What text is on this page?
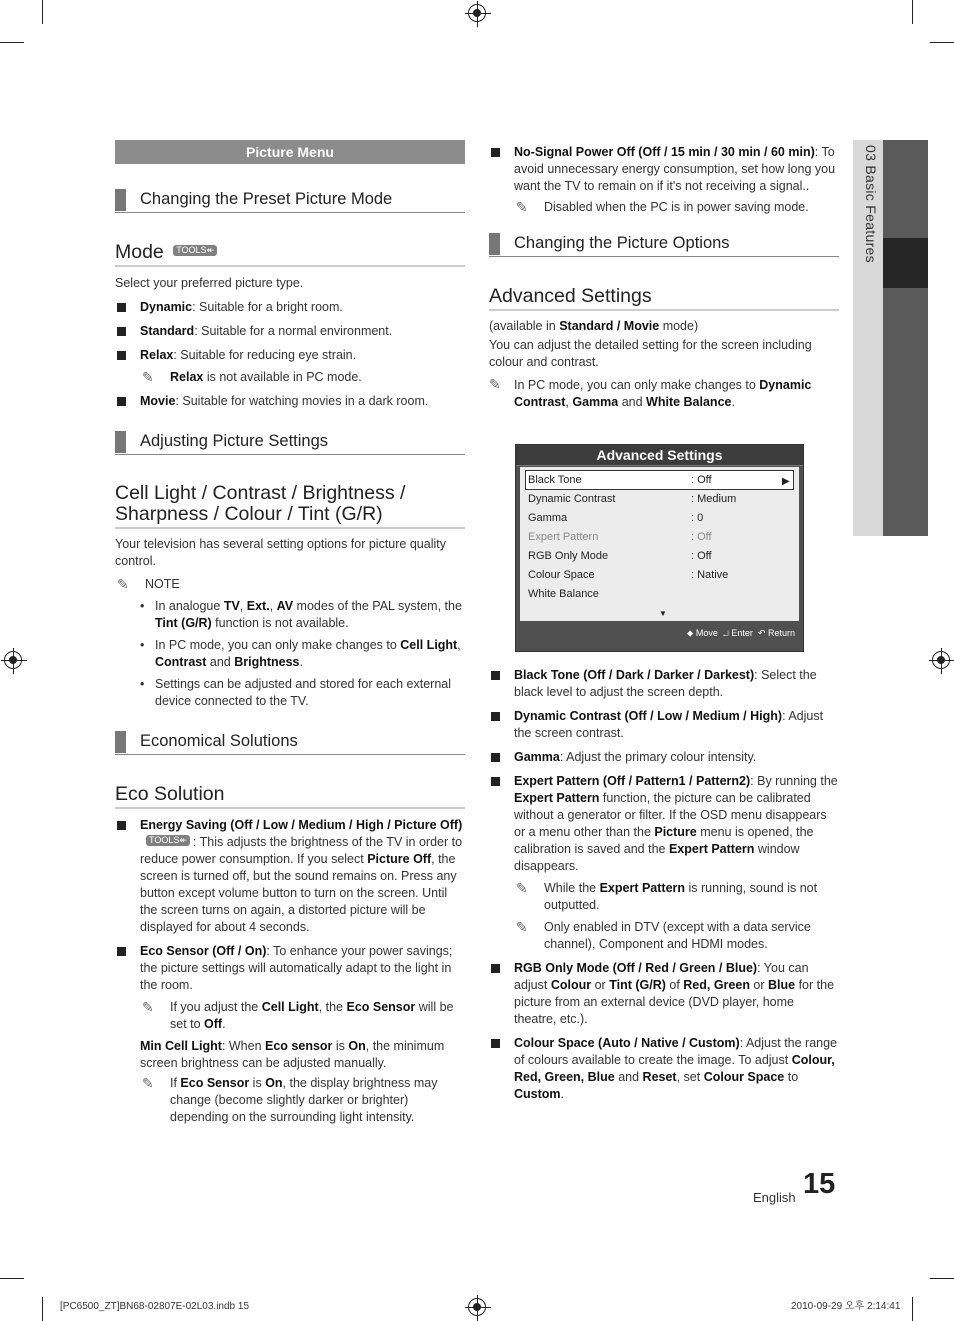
03 Basic Features
Picture Menu
Changing the Preset Picture Mode
Mode TOOLS↞

Select your preferred picture type.

Dynamic: Suitable for a bright room.

Standard: Suitable for a normal environment.

Relax: Suitable for reducing eye strain.

✎ Relax is not available in PC mode.

Movie: Suitable for watching movies in a dark room.

Adjusting Picture Settings
Cell Light / Contrast / Brightness / Sharpness / Colour / Tint (G/R)

Your television has several setting options for picture quality control.

✎ NOTE

• In analogue TV, Ext., AV modes of the PAL system, the Tint (G/R) function is not available.

• In PC mode, you can only make changes to Cell Light, Contrast and Brightness.

• Settings can be adjusted and stored for each external device connected to the TV.

Economical Solutions
Eco Solution

Energy Saving (Off / Low / Medium / High / Picture Off)TOOLS↞ : This adjusts the brightness of the TV in order to reduce power consumption. If you select Picture Off, the screen is turned off, but the sound remains on. Press any button except volume button to turn on the screen. Until the screen turns on again, a distorted picture will be displayed for about 4 seconds.

Eco Sensor (Off / On): To enhance your power savings; the picture settings will automatically adapt to the light in the room.

✎ If you adjust the Cell Light, the Eco Sensor will be set to Off.

Min Cell Light: When Eco sensor is On, the minimum screen brightness can be adjusted manually.

✎ If Eco Sensor is On, the display brightness may change (become slightly darker or brighter) depending on the surrounding light intensity.

No-Signal Power Off (Off / 15 min / 30 min / 60 min): To avoid unnecessary energy consumption, set how long you want the TV to remain on if it's not receiving a signal..

✎ Disabled when the PC is in power saving mode.

Changing the Picture Options
Advanced Settings

(available in Standard / Movie mode)

You can adjust the detailed setting for the screen including colour and contrast.

✎ In PC mode, you can only make changes to Dynamic Contrast, Gamma and White Balance.

Advanced Settings
Black Tone	: Off	▶
Dynamic Contrast	: Medium
Gamma	: 0
Expert Pattern	: Off
RGB Only Mode	: Off
Colour Space	: Native
White Balance
▼
⬥ Move ↵ Enter ↶ Return

Black Tone (Off / Dark / Darker / Darkest): Select the black level to adjust the screen depth.

Dynamic Contrast (Off / Low / Medium / High): Adjust the screen contrast.

Gamma: Adjust the primary colour intensity.

Expert Pattern (Off / Pattern1 / Pattern2): By running the Expert Pattern function, the picture can be calibrated without a generator or filter. If the OSD menu disappears or a menu other than the Picture menu is opened, the calibration is saved and the Expert Pattern window disappears.

✎ While the Expert Pattern is running, sound is not outputted.

✎ Only enabled in DTV (except with a data service channel), Component and HDMI modes.

RGB Only Mode (Off / Red / Green / Blue): You can adjust Colour or Tint (G/R) of Red, Green or Blue for the picture from an external device (DVD player, home theatre, etc.).

Colour Space (Auto / Native / Custom): Adjust the range of colours available to create the image. To adjust Colour, Red, Green, Blue and Reset, set Colour Space to Custom.

English 15
[PC6500_ZT]BN68-02807E-02L03.indb 15	2010-09-29 오후 2:14:41
